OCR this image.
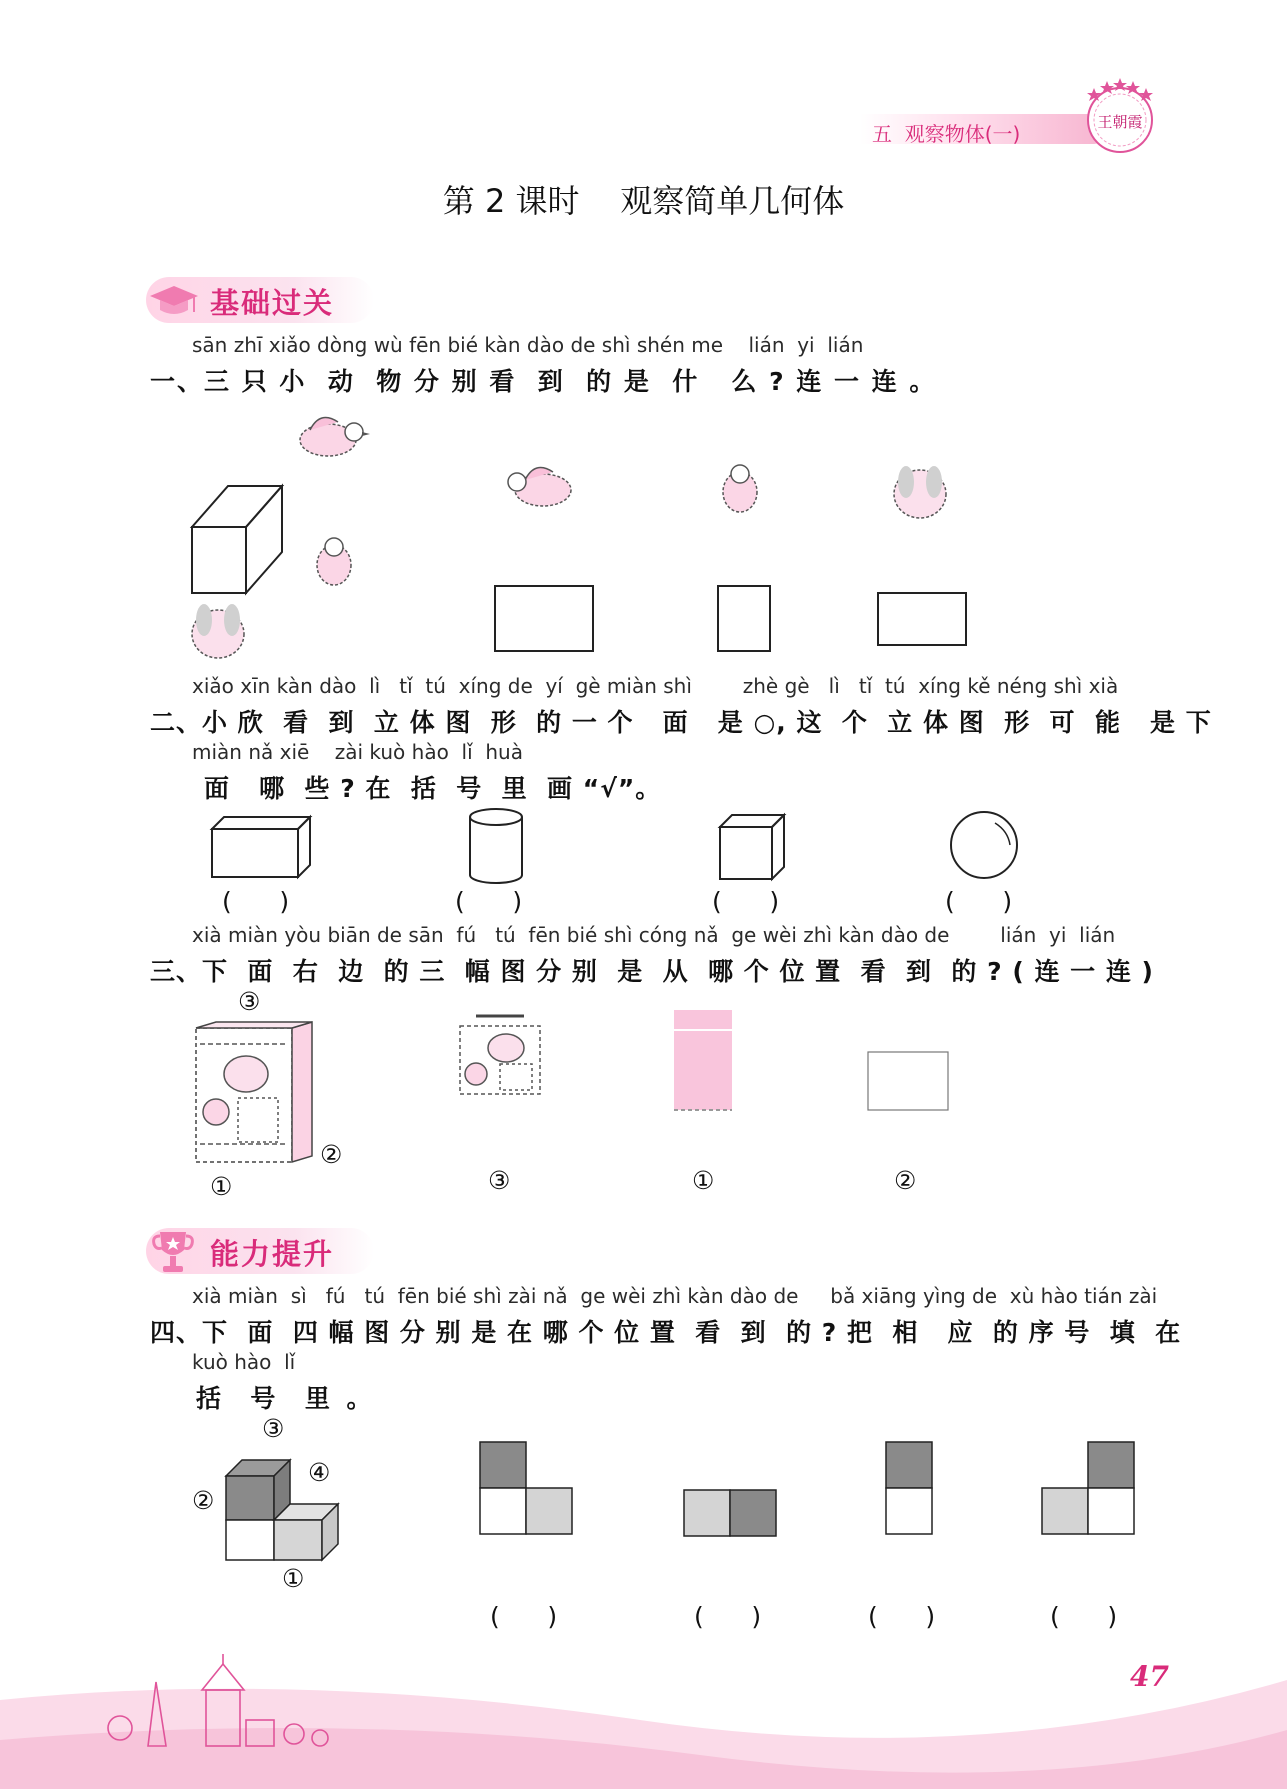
五  观察物体(一)	王朝霞
第 2 课时    观察简单几何体
基础过关
sān zhī xiǎo dòng wù fēn bié kàn dào de shì shén me    lián  yi  lián
一、三 只 小  动  物 分 别 看  到  的 是  什   么 ? 连 一 连 。
xiǎo xīn kàn dào  lì   tǐ  tú  xíng de  yí  gè miàn shì        zhè gè   lì   tǐ  tú  xíng kě néng shì xià
二、小 欣  看  到  立 体 图  形  的 一 个   面   是 ○, 这  个  立 体 图  形  可  能   是 下
miàn nǎ xiē    zài kuò hào  lǐ  huà
面   哪  些 ? 在  括  号  里  画 “√”。
(      )	(      )	(      )	(      )
xià miàn yòu biān de sān  fú   tú  fēn bié shì cóng nǎ  ge wèi zhì kàn dào de        lián  yi  lián
三、下  面  右  边  的 三  幅 图 分 别  是  从  哪 个 位 置  看  到  的 ? ( 连 一 连 )
③
②
①	③	①	②
能力提升
xià miàn  sì   fú   tú  fēn bié shì zài nǎ  ge wèi zhì kàn dào de     bǎ xiāng yìng de  xù hào tián zài
四、下  面  四 幅 图 分 别 是 在 哪 个 位 置  看  到  的 ? 把  相   应  的 序 号  填  在
kuò hào  lǐ
括  号  里 。
③
④
②
①
(      )	(      )	(      )	(      )
47
